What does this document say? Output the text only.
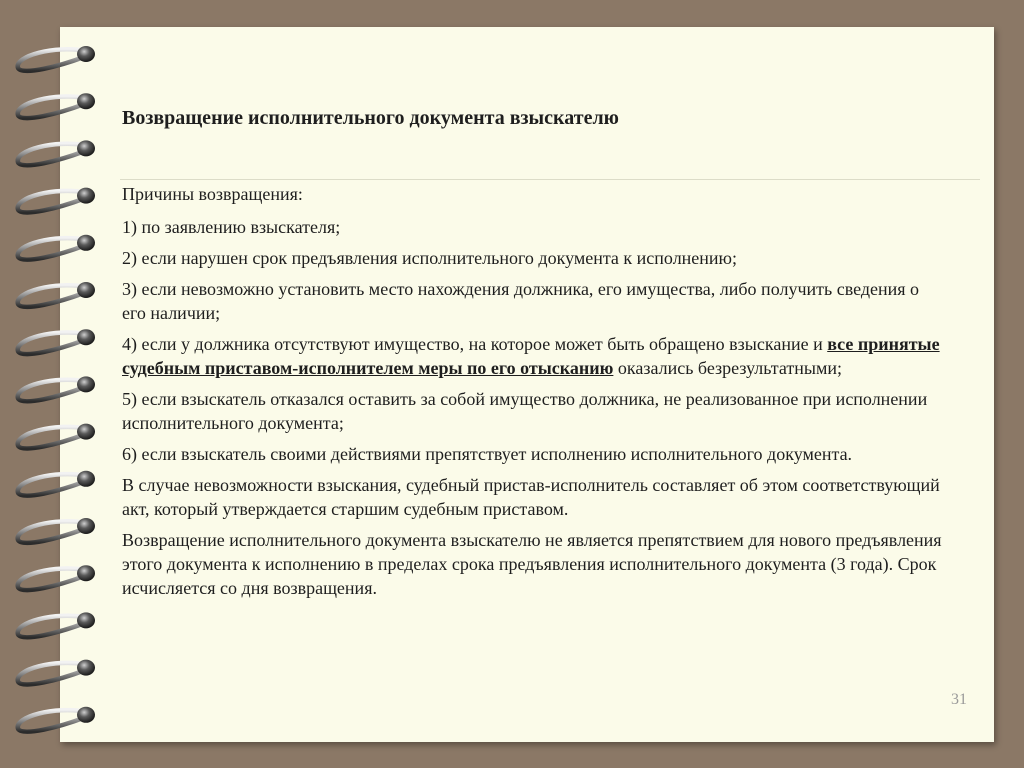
Возвращение исполнительного документа взыскателю

Причины возвращения:

1) по заявлению взыскателя;

2) если нарушен срок предъявления исполнительного документа к исполнению;

3) если невозможно установить место нахождения должника, его имущества, либо получить сведения о его наличии;

4) если у должника отсутствуют имущество, на которое может быть обращено взыскание и все принятые судебным приставом-исполнителем меры по его отысканию оказались безрезультатными;

5) если взыскатель отказался оставить за собой имущество должника, не реализованное при исполнении исполнительного документа;

6) если взыскатель своими действиями препятствует исполнению исполнительного документа.

В случае невозможности взыскания, судебный пристав-исполнитель составляет об этом соответствующий акт, который утверждается старшим судебным приставом.

Возвращение исполнительного документа взыскателю не является препятствием для нового предъявления этого документа к исполнению в пределах срока предъявления исполнительного документа (3 года). Срок исчисляется со дня возвращения.

31
